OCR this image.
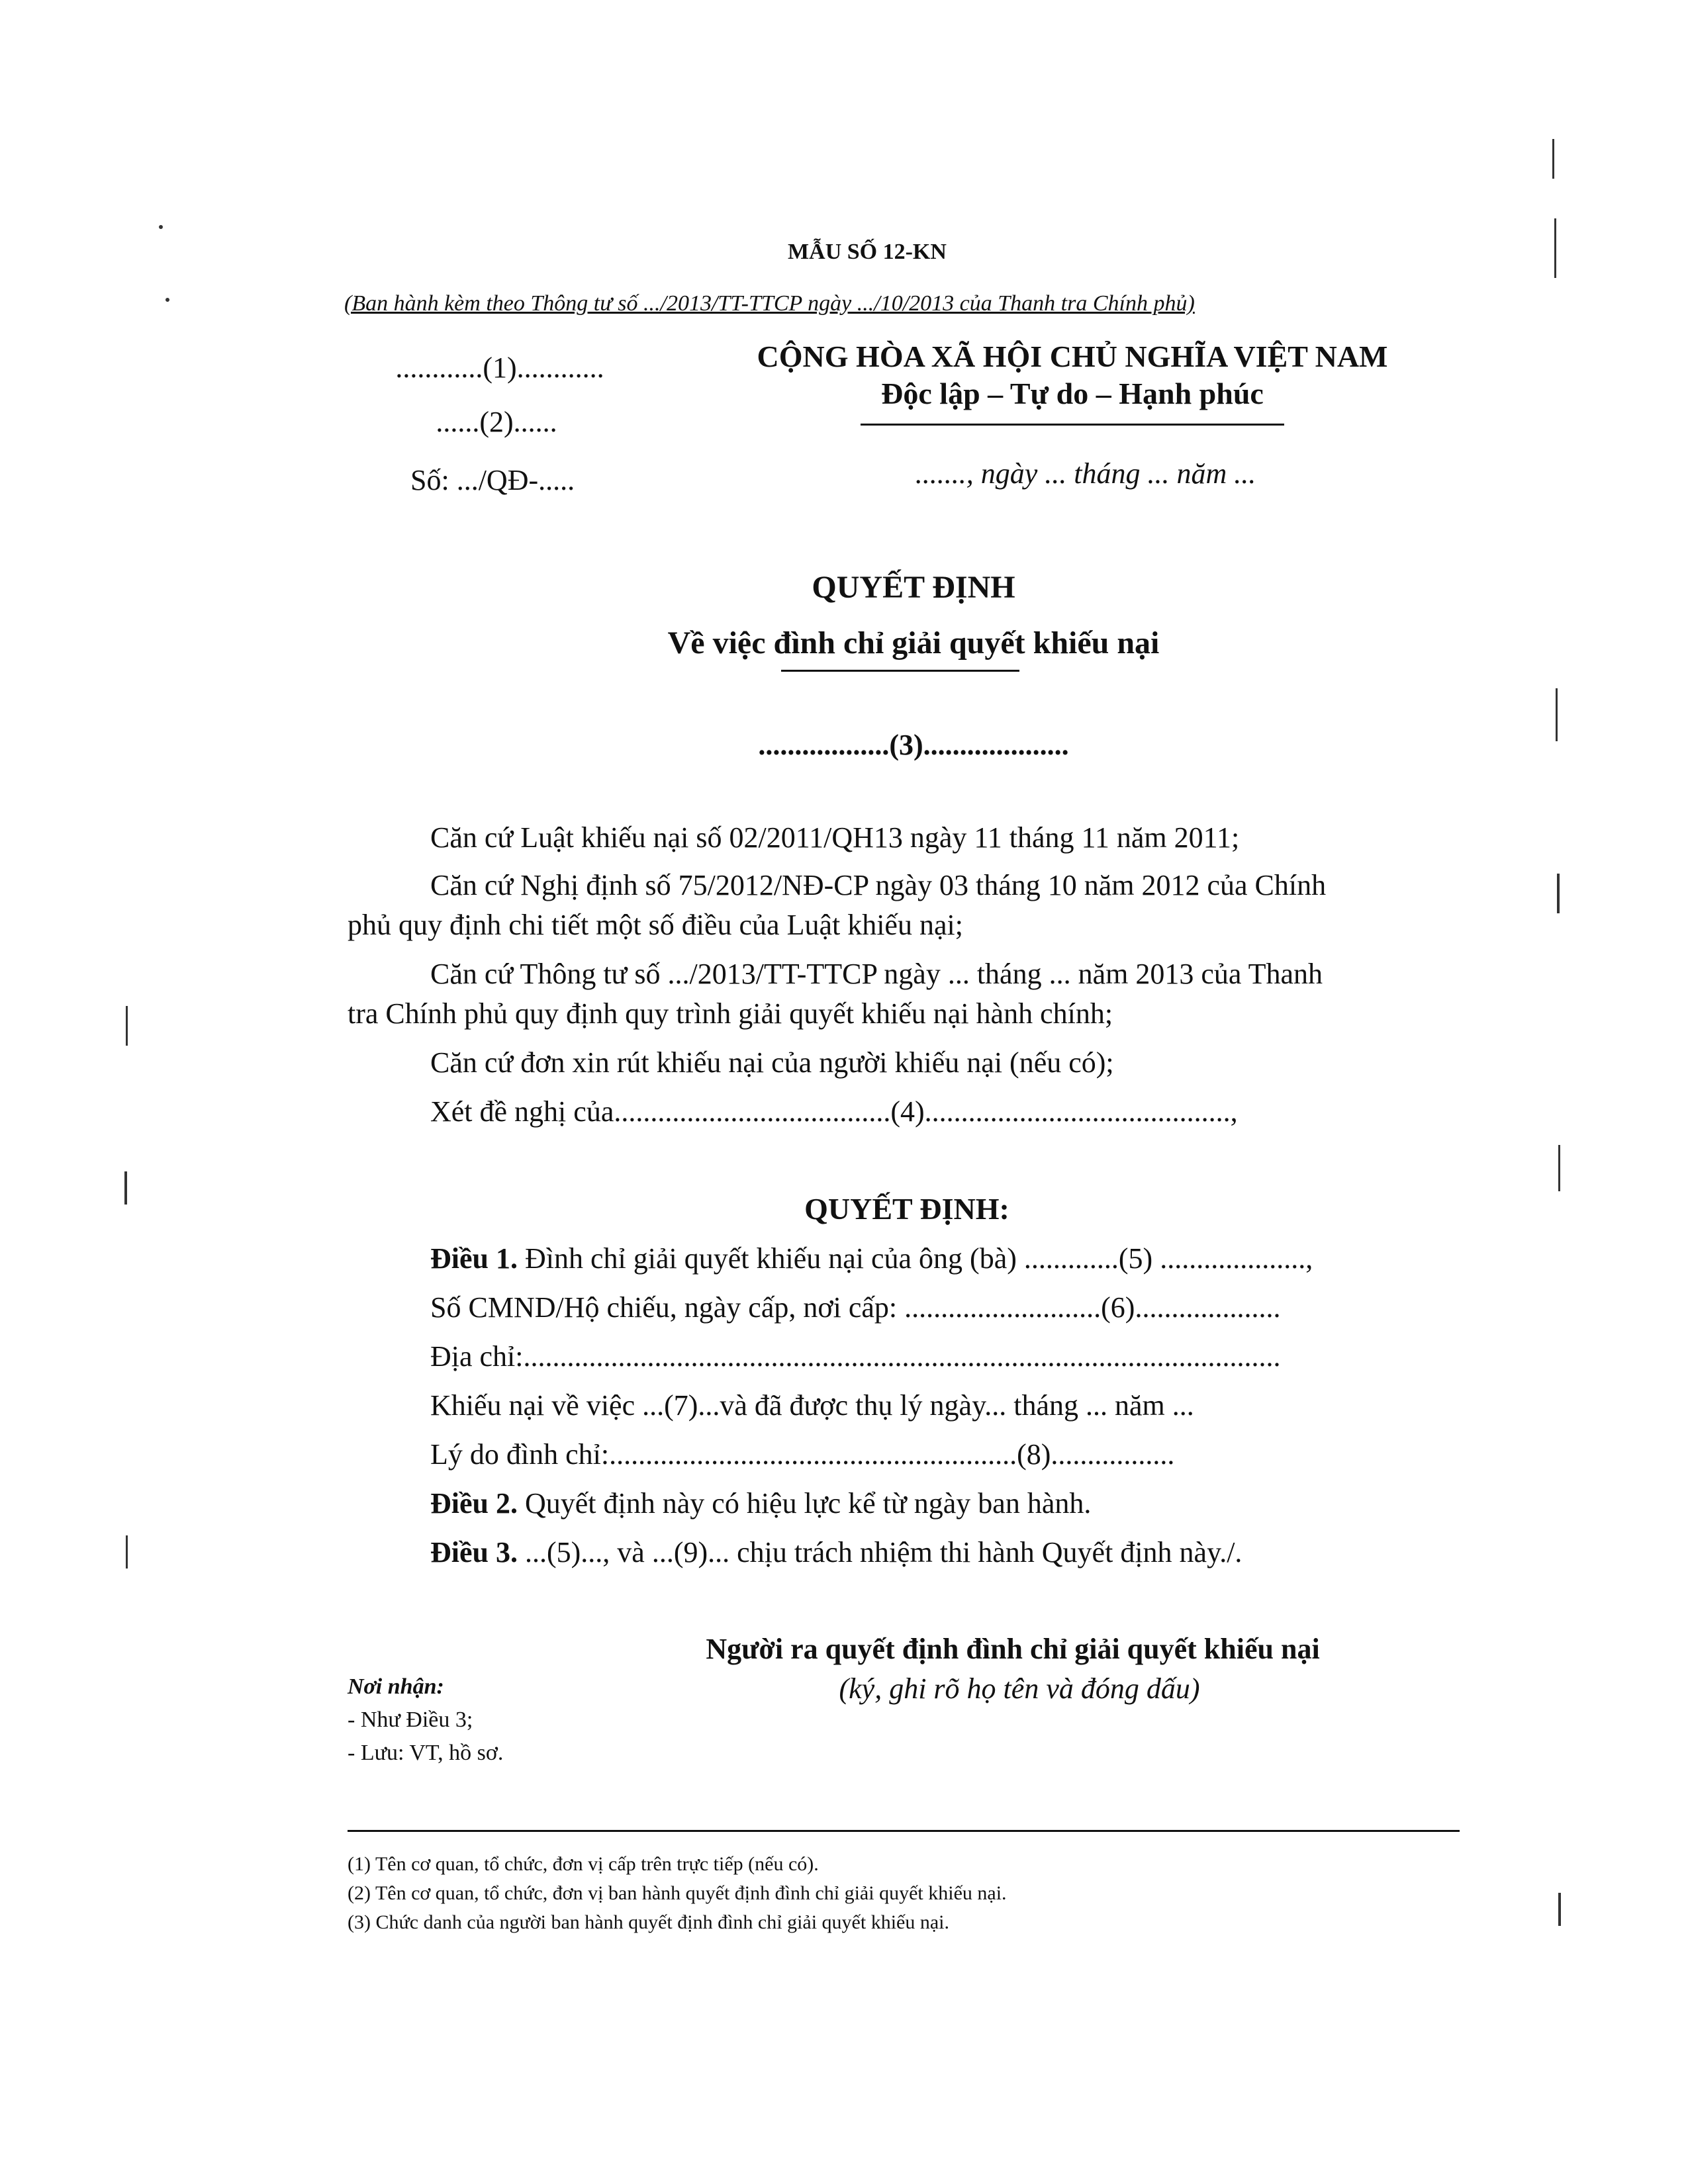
MẪU SỐ 12-KN
(Ban hành kèm theo Thông tư số .../2013/TT-TTCP ngày .../10/2013 của Thanh tra Chính phủ)
............(1)............
......(2)......
Số: .../QĐ-.....
CỘNG HÒA XÃ HỘI CHỦ NGHĨA VIỆT NAM
Độc lập – Tự do – Hạnh phúc
......., ngày ... tháng ... năm ...
QUYẾT ĐỊNH
Về việc đình chỉ giải quyết khiếu nại
..................(3)....................
Căn cứ Luật khiếu nại số 02/2011/QH13 ngày 11 tháng 11 năm 2011;
Căn cứ Nghị định số 75/2012/NĐ-CP ngày 03 tháng 10 năm 2012 của Chính
phủ quy định chi tiết một số điều của Luật khiếu nại;
Căn cứ Thông tư số .../2013/TT-TTCP ngày ... tháng ... năm 2013 của Thanh
tra Chính phủ quy định quy trình giải quyết khiếu nại hành chính;
Căn cứ đơn xin rút khiếu nại của người khiếu nại (nếu có);
Xét đề nghị của......................................(4)..........................................,
QUYẾT ĐỊNH:
Điều 1. Đình chỉ giải quyết khiếu nại của ông (bà) .............(5) ....................,
Số CMND/Hộ chiếu, ngày cấp, nơi cấp: ...........................(6)....................
Địa chỉ:........................................................................................................
Khiếu nại về việc ...(7)...và đã được thụ lý ngày... tháng ... năm ...
Lý do đình chỉ:........................................................(8).................
Điều 2. Quyết định này có hiệu lực kể từ ngày ban hành.
Điều 3. ...(5)..., và ...(9)... chịu trách nhiệm thi hành Quyết định này./.
Người ra quyết định đình chỉ giải quyết khiếu nại
(ký, ghi rõ họ tên và đóng dấu)
Nơi nhận:
- Như Điều 3;
- Lưu: VT, hồ sơ.
(1) Tên cơ quan, tổ chức, đơn vị cấp trên trực tiếp (nếu có).
(2) Tên cơ quan, tổ chức, đơn vị ban hành quyết định đình chỉ giải quyết khiếu nại.
(3) Chức danh của người ban hành quyết định đình chỉ giải quyết khiếu nại.
